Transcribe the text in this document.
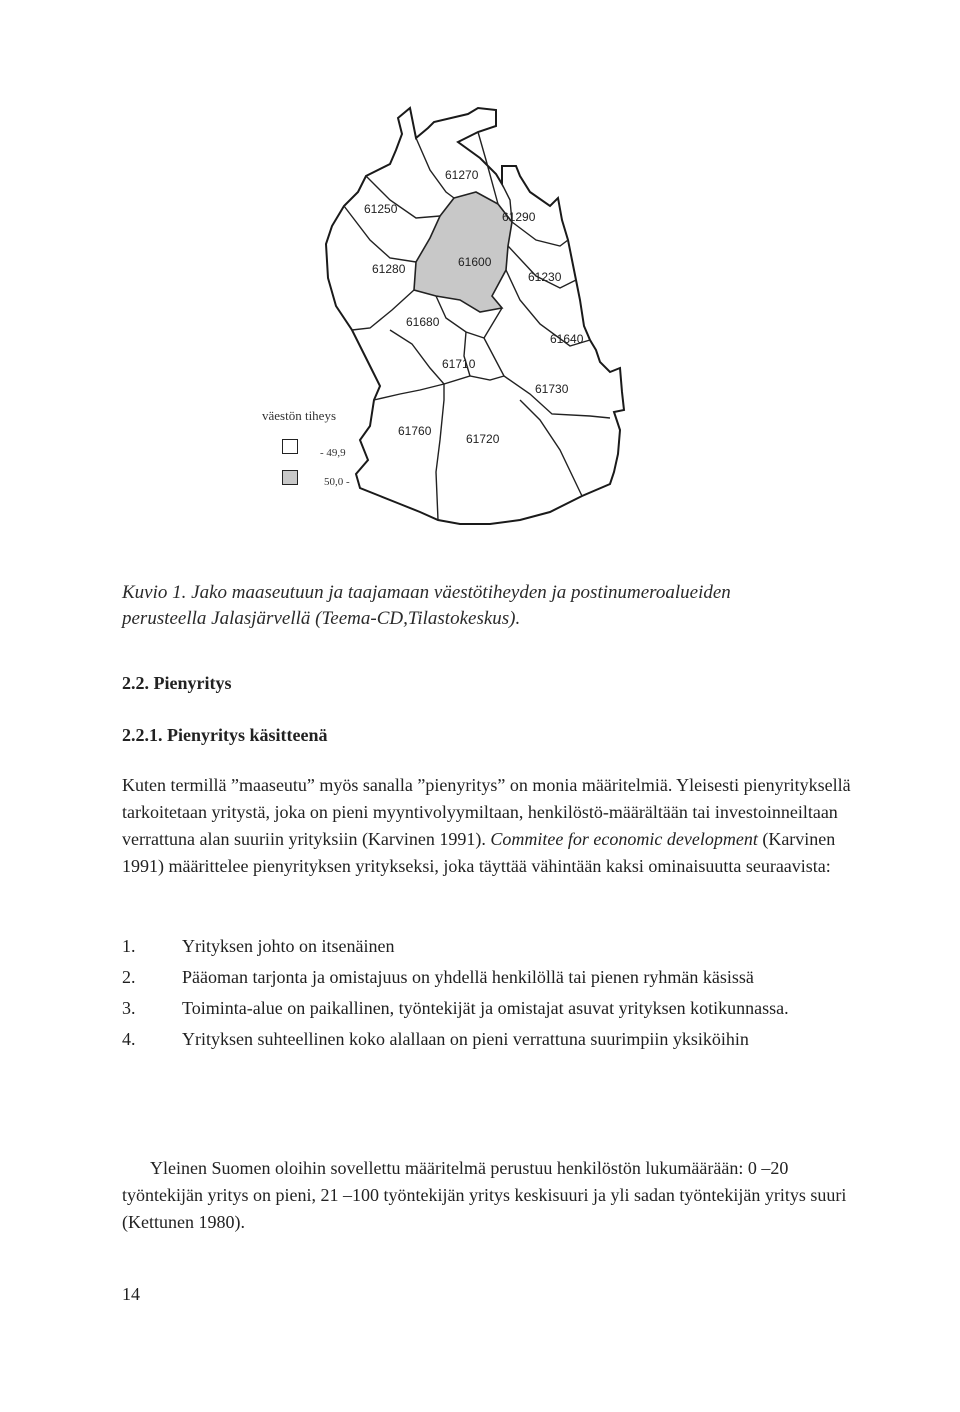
61270
61250
61290
61280	61600
61230
61680
61640
61710
61730
61760
61720
väestön tiheys
- 49,9
50,0 -
Kuvio 1. Jako maaseutuun ja taajamaan väestötiheyden ja postinumeroalueiden
perusteella Jalasjärvellä (Teema-CD,Tilastokeskus).
2.2. Pienyritys
2.2.1. Pienyritys käsitteenä
Kuten termillä ”maaseutu” myös sanalla ”pienyritys” on monia määritelmiä. Yleisesti pienyrityksellä tarkoitetaan yritystä, joka on pieni myyntivolyymiltaan, henkilöstö-määrältään tai investoinneiltaan verrattuna alan suuriin yrityksiin (Karvinen 1991). Commitee for economic development (Karvinen 1991) määrittelee pienyrityksen yritykseksi, joka täyttää vähintään kaksi ominaisuutta seuraavista:
1.	Yrityksen johto on itsenäinen
2.	Pääoman tarjonta ja omistajuus on yhdellä henkilöllä tai pienen ryhmän käsissä
3.	Toiminta-alue on paikallinen, työntekijät ja omistajat asuvat yrityksen kotikunnassa.
4.	Yrityksen suhteellinen koko alallaan on pieni verrattuna suurimpiin yksiköihin
Yleinen Suomen oloihin sovellettu määritelmä perustuu henkilöstön lukumäärään: 0 –20 työntekijän yritys on pieni, 21 –100 työntekijän yritys keskisuuri ja yli sadan työntekijän yritys suuri (Kettunen 1980).
14
